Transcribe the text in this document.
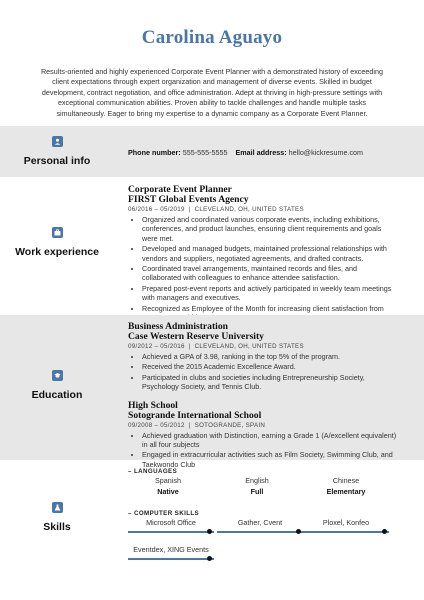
Carolina Aguayo
Results-oriented and highly experienced Corporate Event Planner with a demonstrated history of exceeding client expectations through expert organization and management of diverse events. Skilled in budget development, contract negotiation, and office administration. Adept at thriving in high-pressure settings with exceptional communication abilities. Proven ability to tackle challenges and handle multiple tasks simultaneously. Eager to bring my expertise to a dynamic company as a Corporate Event Planner.
Personal info
Phone number: 555-555-5555 Email address: hello@kickresume.com
Work experience
Corporate Event Planner
FIRST Global Events Agency
06/2016 – 05/2019 | CLEVELAND, OH, UNITED STATES
• Organized and coordinated various corporate events, including exhibitions, conferences, and product launches, ensuring client requirements and goals were met.
• Developed and managed budgets, maintained professional relationships with vendors and suppliers, negotiated agreements, and drafted contracts.
• Coordinated travel arrangements, maintained records and files, and collaborated with colleagues to enhance attendee satisfaction.
• Prepared post-event reports and actively participated in weekly team meetings with managers and executives.
• Recognized as Employee of the Month for increasing client satisfaction from
Education
Business Administration
Case Western Reserve University
09/2012 – 05/2016 | CLEVELAND, OH, UNITED STATES
• Achieved a GPA of 3.98, ranking in the top 5% of the program.
• Received the 2015 Academic Excellence Award.
• Participated in clubs and societies including Entrepreneurship Society, Psychology Society, and Tennis Club.
High School
Sotogrande International School
09/2008 – 05/2012 | SOTOGRANDE, SPAIN
• Achieved graduation with Distinction, earning a Grade 1 (A/excellent equivalent) in all four subjects
• Engaged in extracurricular activities such as Film Society, Swimming Club, and Taekwondo Club
Skills
– LANGUAGES
Spanish
Native
English
Full
Chinese
Elementary
– COMPUTER SKILLS
Microsoft Office	Gather, Cvent	Ploxel, Konfeo
Eventdex, XING Events
